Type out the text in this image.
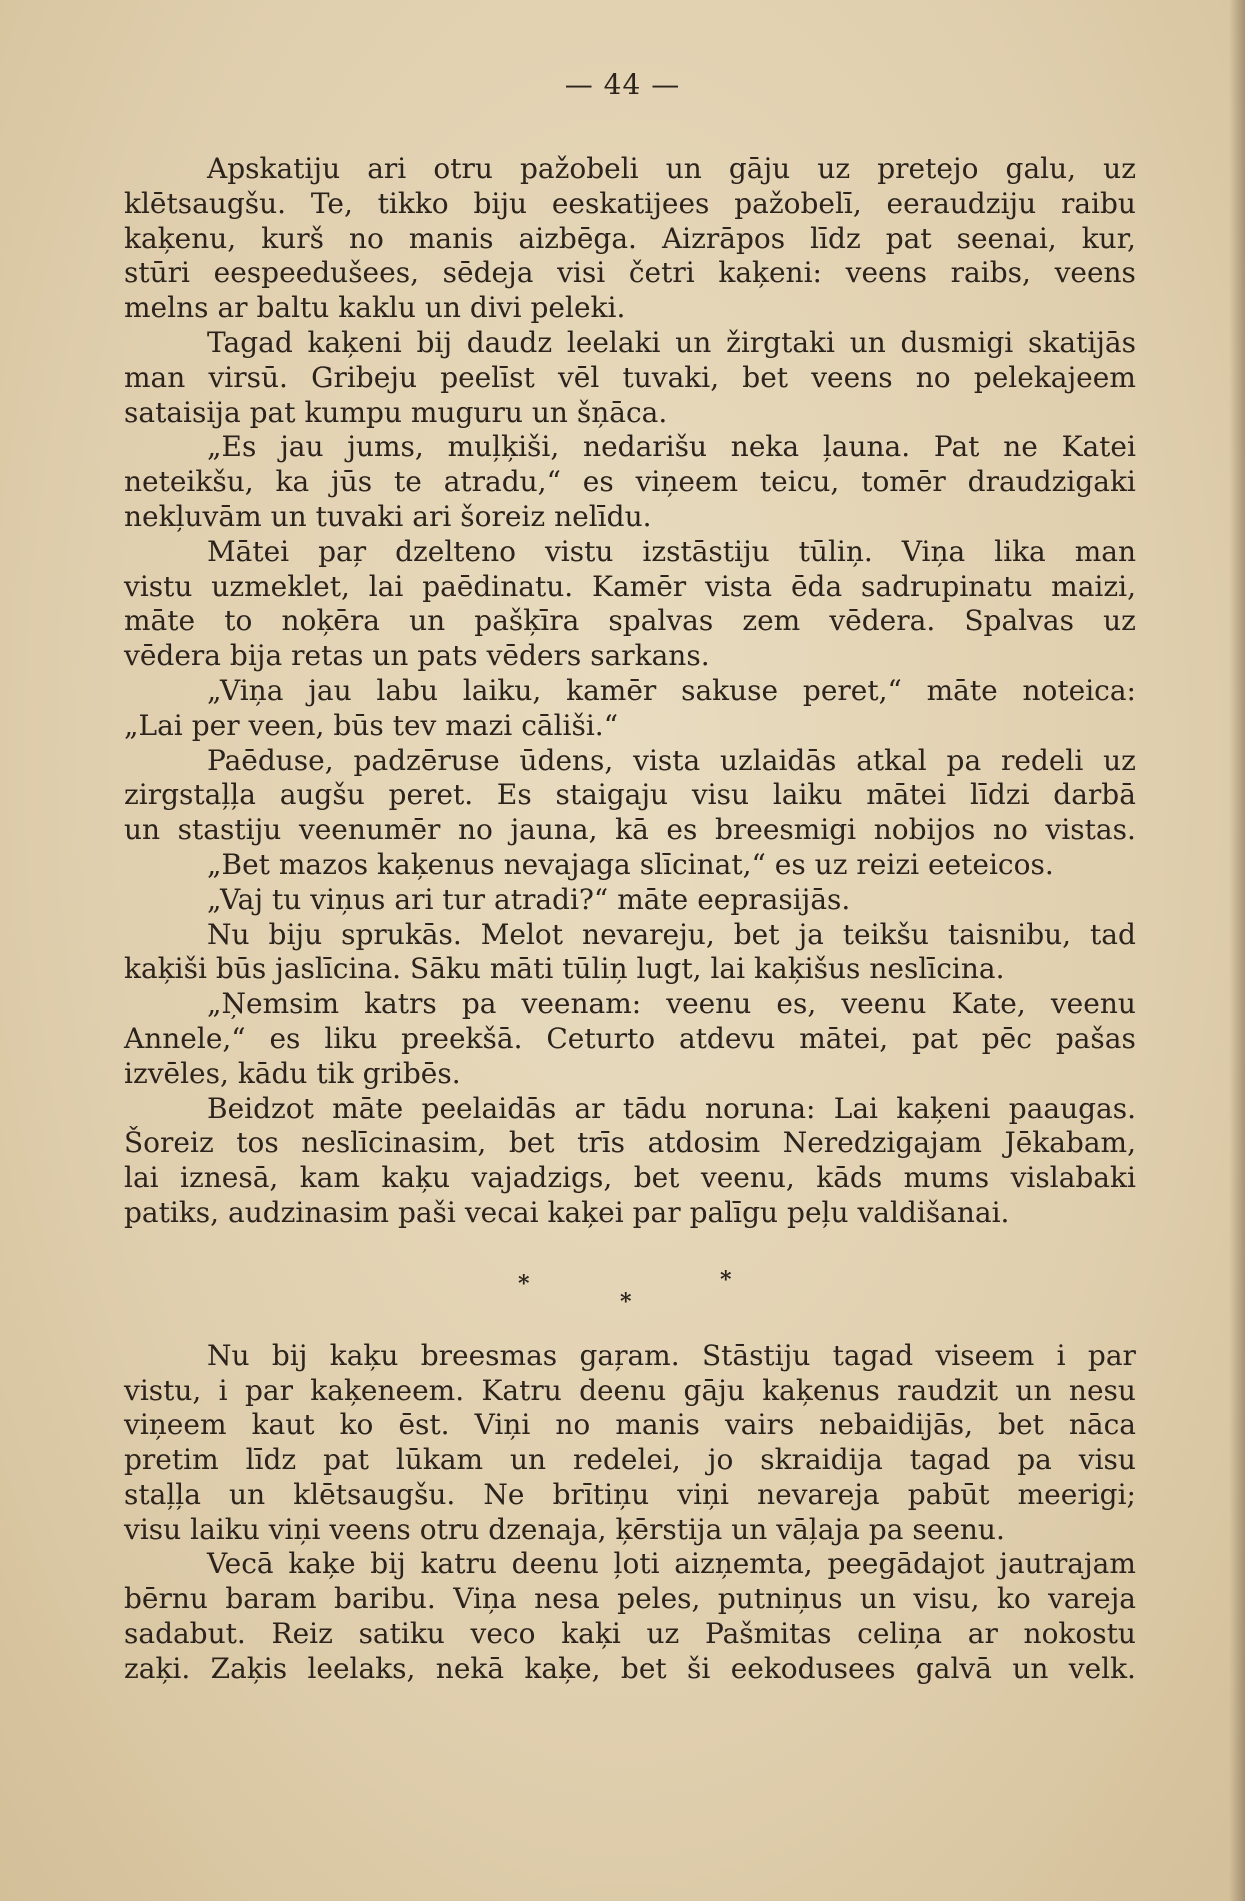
— 44 —
Apskatiju ari otru pažobeli un gāju uz pretejo galu, uz
klētsaugšu. Te, tikko biju eeskatijees pažobelī, eeraudziju raibu
kaķenu, kurš no manis aizbēga. Aizrāpos līdz pat seenai, kur,
stūri eespeedušees, sēdeja visi četri kaķeni: veens raibs, veens
melns ar baltu kaklu un divi peleki.
Tagad kaķeni bij daudz leelaki un žirgtaki un dusmigi skatijās
man virsū. Gribeju peelīst vēl tuvaki, bet veens no pelekajeem
sataisija pat kumpu muguru un šņāca.
„Es jau jums, muļķiši, nedarišu neka ļauna. Pat ne Katei
neteikšu, ka jūs te atradu,“ es viņeem teicu, tomēr draudzigaki
nekļuvām un tuvaki ari šoreiz nelīdu.
Mātei paŗ dzelteno vistu izstāstiju tūliņ. Viņa lika man
vistu uzmeklet, lai paēdinatu. Kamēr vista ēda sadrupinatu maizi,
māte to noķēra un pašķīra spalvas zem vēdera. Spalvas uz
vēdera bija retas un pats vēders sarkans.
„Viņa jau labu laiku, kamēr sakuse peret,“ māte noteica:
„Lai per veen, būs tev mazi cāliši.“
Paēduse, padzēruse ūdens, vista uzlaidās atkal pa redeli uz
zirgstaļļa augšu peret. Es staigaju visu laiku mātei līdzi darbā
un stastiju veenumēr no jauna, kā es breesmigi nobijos no vistas.
„Bet mazos kaķenus nevajaga slīcinat,“ es uz reizi eeteicos.
„Vaj tu viņus ari tur atradi?“ māte eeprasijās.
Nu biju sprukās. Melot nevareju, bet ja teikšu taisnibu, tad
kaķiši būs jaslīcina. Sāku māti tūliņ lugt, lai kaķišus neslīcina.
„Ņemsim katrs pa veenam: veenu es, veenu Kate, veenu
Annele,“ es liku preekšā. Ceturto atdevu mātei, pat pēc pašas
izvēles, kādu tik gribēs.
Beidzot māte peelaidās ar tādu noruna: Lai kaķeni paaugas.
Šoreiz tos neslīcinasim, bet trīs atdosim Neredzigajam Jēkabam,
lai iznesā, kam kaķu vajadzigs, bet veenu, kāds mums vislabaki
patiks, audzinasim paši vecai kaķei par palīgu peļu valdišanai.
*
*
*
Nu bij kaķu breesmas gaŗam. Stāstiju tagad viseem i par
vistu, i par kaķeneem. Katru deenu gāju kaķenus raudzit un nesu
viņeem kaut ko ēst. Viņi no manis vairs nebaidijās, bet nāca
pretim līdz pat lūkam un redelei, jo skraidija tagad pa visu
staļļa un klētsaugšu. Ne brītiņu viņi nevareja pabūt meerigi;
visu laiku viņi veens otru dzenaja, ķērstija un vāļaja pa seenu.
Vecā kaķe bij katru deenu ļoti aizņemta, peegādajot jautrajam
bērnu baram baribu. Viņa nesa peles, putniņus un visu, ko vareja
sadabut. Reiz satiku veco kaķi uz Pašmitas celiņa ar nokostu
zaķi. Zaķis leelaks, nekā kaķe, bet ši eekodusees galvā un velk.
